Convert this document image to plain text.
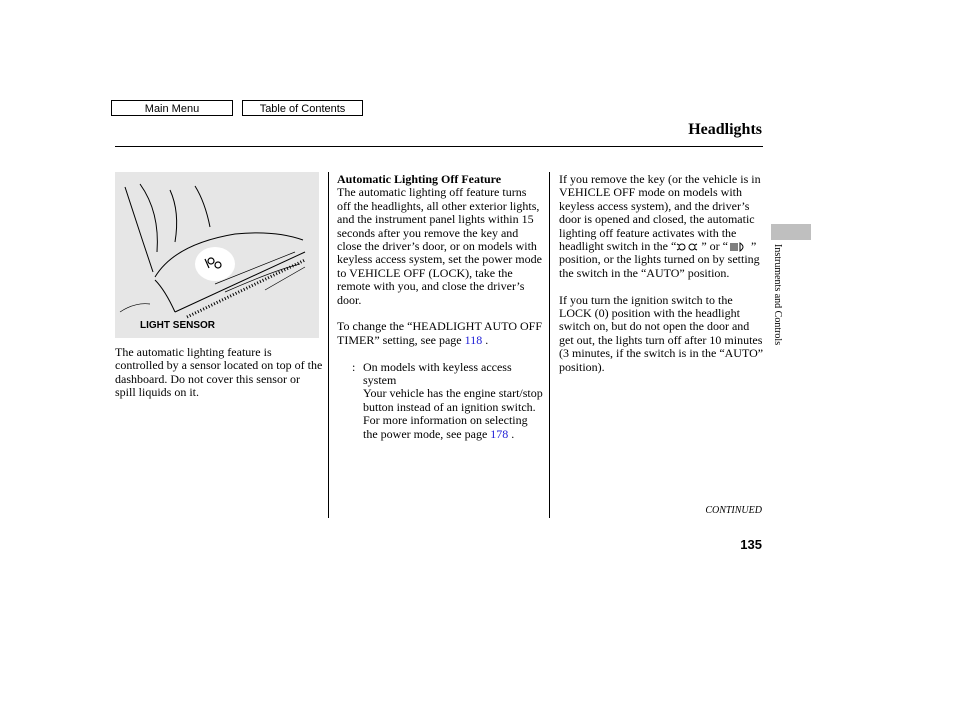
Main Menu	Table of Contents
Headlights
LIGHT SENSOR

The automatic lighting feature is controlled by a sensor located on top of the dashboard. Do not cover this sensor or spill liquids on it.

Automatic Lighting Off Feature

The automatic lighting off feature turns off the headlights, all other exterior lights, and the instrument panel lights within 15 seconds after you remove the key and close the driver’s door, or on models with keyless access system, set the power mode to VEHICLE OFF (LOCK), take the remote with you, and close the driver’s door.

To change the “HEADLIGHT AUTO OFF TIMER” setting, see page 118 .

: On models with keyless access system
Your vehicle has the engine start/stop button instead of an ignition switch. For more information on selecting the power mode, see page 178 .

If you remove the key (or the vehicle is in VEHICLE OFF mode on models with keyless access system), and the driver’s door is opened and closed, the automatic lighting off feature activates with the headlight switch in the “ ” or “ ” position, or the lights turned on by setting the switch in the “AUTO” position.

If you turn the ignition switch to the LOCK (0) position with the headlight switch on, but do not open the door and get out, the lights turn off after 10 minutes (3 minutes, if the switch is in the “AUTO” position).

Instruments and Controls
CONTINUED
135
